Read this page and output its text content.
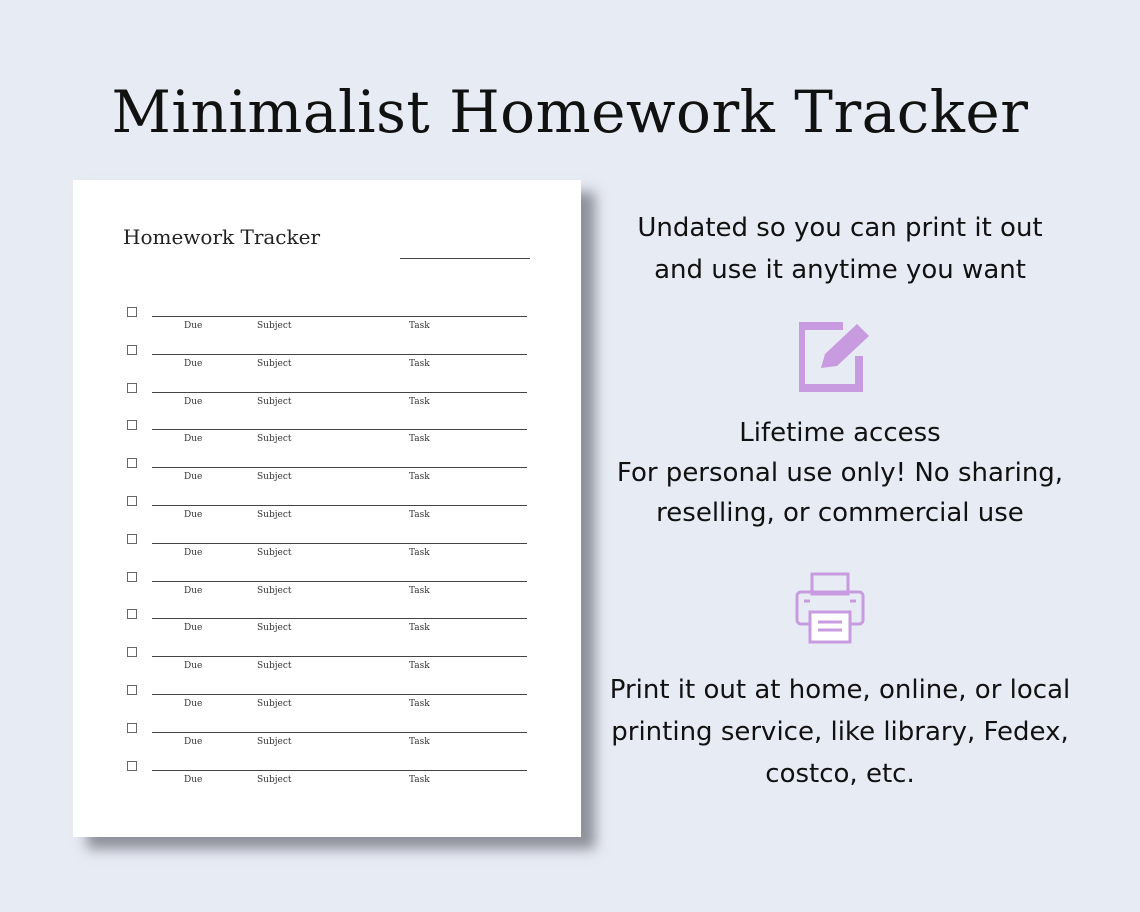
Minimalist Homework Tracker
Homework Tracker
Due	Subject	Task
Due	Subject	Task
Due	Subject	Task
Due	Subject	Task
Due	Subject	Task
Due	Subject	Task
Due	Subject	Task
Due	Subject	Task
Due	Subject	Task
Due	Subject	Task
Due	Subject	Task
Due	Subject	Task
Due	Subject	Task
Undated so you can print it out
and use it anytime you want
Lifetime access
For personal use only! No sharing,
reselling, or commercial use
Print it out at home, online, or local
printing service, like library, Fedex,
costco, etc.
